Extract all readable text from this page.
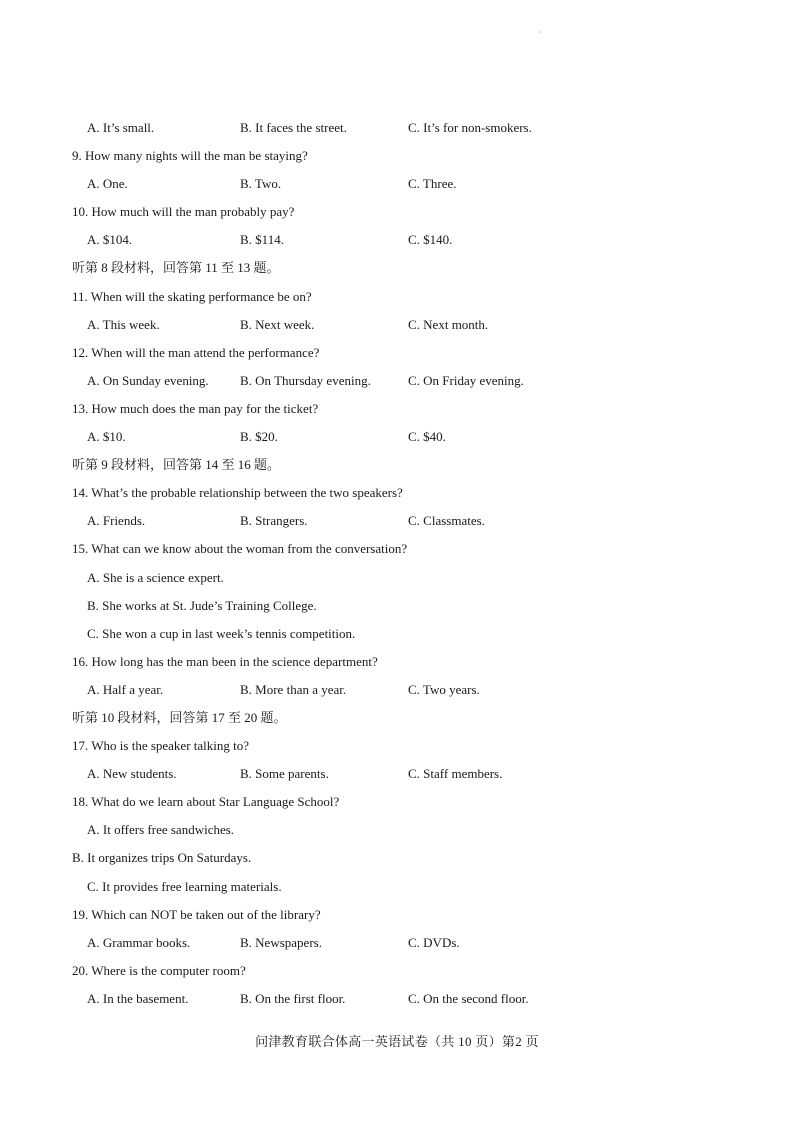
·
A. It’s small.	B. It faces the street.	C. It’s for non-smokers.
9. How many nights will the man be staying?
A. One.	B. Two.	C. Three.
10. How much will the man probably pay?
A. $104.	B. $114.	C. $140.
听第 8 段材料，回答第 11 至 13 题。
11. When will the skating performance be on?
A. This week.	B. Next week.	C. Next month.
12. When will the man attend the performance?
A. On Sunday evening. B. On Thursday evening.	C. On Friday evening.
13. How much does the man pay for the ticket?
A. $10.	B. $20.	C. $40.
听第 9 段材料，回答第 14 至 16 题。
14. What’s the probable relationship between the two speakers?
A. Friends.	B. Strangers.	C. Classmates.
15. What can we know about the woman from the conversation?
A. She is a science expert.
B. She works at St. Jude’s Training College.
C. She won a cup in last week’s tennis competition.
16. How long has the man been in the science department?
A. Half a year.	B. More than a year.	C. Two years.
听第 10 段材料，回答第 17 至 20 题。
17. Who is the speaker talking to?
A. New students.	B. Some parents.	C. Staff members.
18. What do we learn about Star Language School?
A. It offers free sandwiches.
B. It organizes trips On Saturdays.
C. It provides free learning materials.
19. Which can NOT be taken out of the library?
A. Grammar books.	B. Newspapers.	C. DVDs.
20. Where is the computer room?
A. In the basement.	B. On the first floor.	C. On the second floor.
问津教育联合体高一英语试卷（共 10 页）第2 页
